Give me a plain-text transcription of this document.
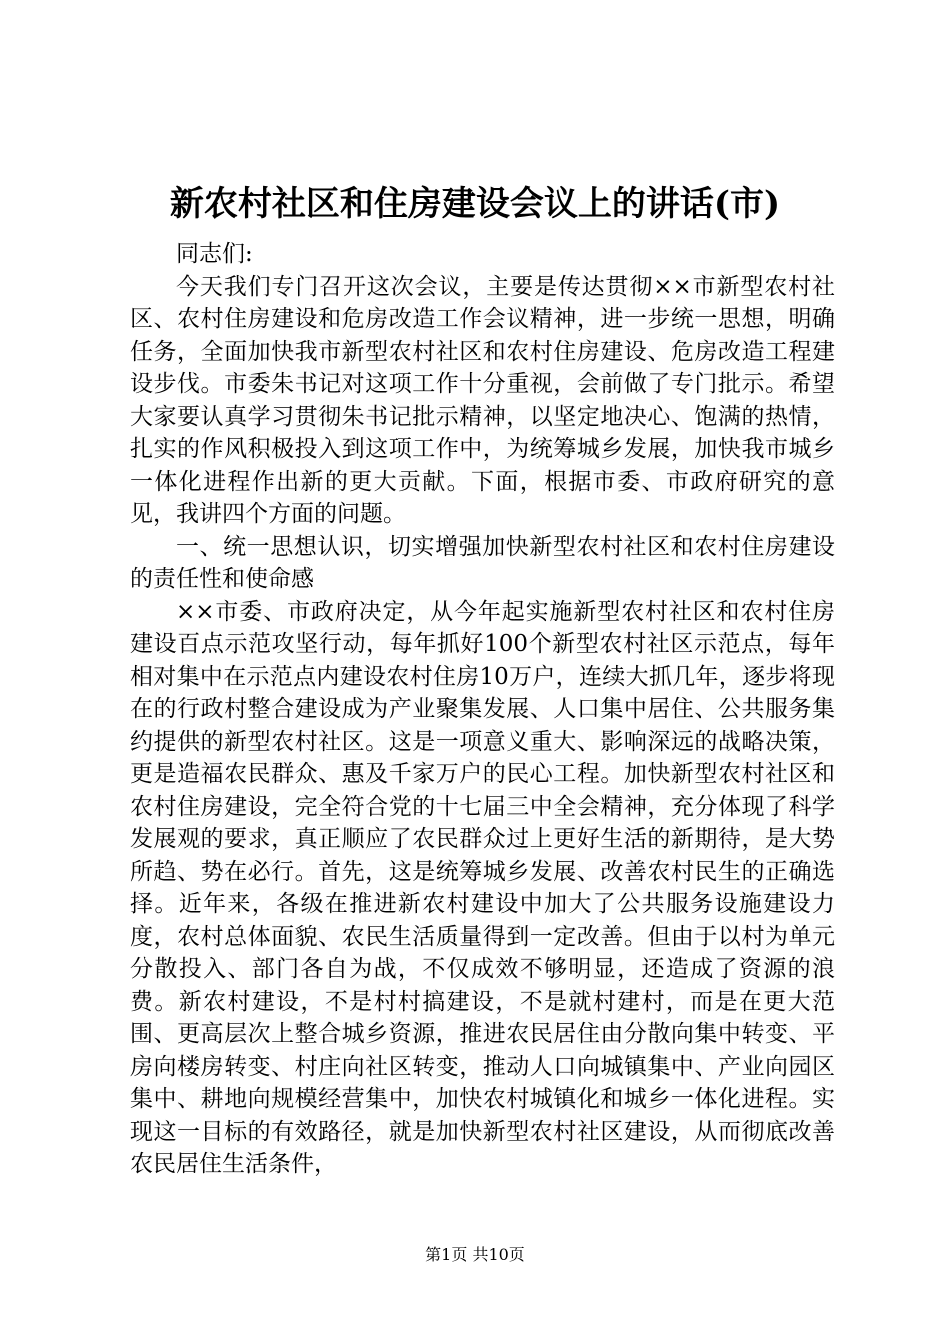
新农村社区和住房建设会议上的讲话(市)

同志们:

今天我们专门召开这次会议，主要是传达贯彻××市新型农村社区、农村住房建设和危房改造工作会议精神，进一步统一思想，明确任务，全面加快我市新型农村社区和农村住房建设、危房改造工程建设步伐。市委朱书记对这项工作十分重视，会前做了专门批示。希望大家要认真学习贯彻朱书记批示精神，以坚定地决心、饱满的热情，扎实的作风积极投入到这项工作中，为统筹城乡发展，加快我市城乡一体化进程作出新的更大贡献。下面，根据市委、市政府研究的意见，我讲四个方面的问题。

一、统一思想认识，切实增强加快新型农村社区和农村住房建设的责任性和使命感

××市委、市政府决定，从今年起实施新型农村社区和农村住房建设百点示范攻坚行动，每年抓好100个新型农村社区示范点，每年相对集中在示范点内建设农村住房10万户，连续大抓几年，逐步将现在的行政村整合建设成为产业聚集发展、人口集中居住、公共服务集约提供的新型农村社区。这是一项意义重大、影响深远的战略决策，更是造福农民群众、惠及千家万户的民心工程。加快新型农村社区和农村住房建设，完全符合党的十七届三中全会精神，充分体现了科学发展观的要求，真正顺应了农民群众过上更好生活的新期待，是大势所趋、势在必行。首先，这是统筹城乡发展、改善农村民生的正确选择。近年来，各级在推进新农村建设中加大了公共服务设施建设力度，农村总体面貌、农民生活质量得到一定改善。但由于以村为单元分散投入、部门各自为战，不仅成效不够明显，还造成了资源的浪费。新农村建设，不是村村搞建设，不是就村建村，而是在更大范围、更高层次上整合城乡资源，推进农民居住由分散向集中转变、平房向楼房转变、村庄向社区转变，推动人口向城镇集中、产业向园区集中、耕地向规模经营集中，加快农村城镇化和城乡一体化进程。实现这一目标的有效路径，就是加快新型农村社区建设，从而彻底改善农民居住生活条件，

第1页 共10页
